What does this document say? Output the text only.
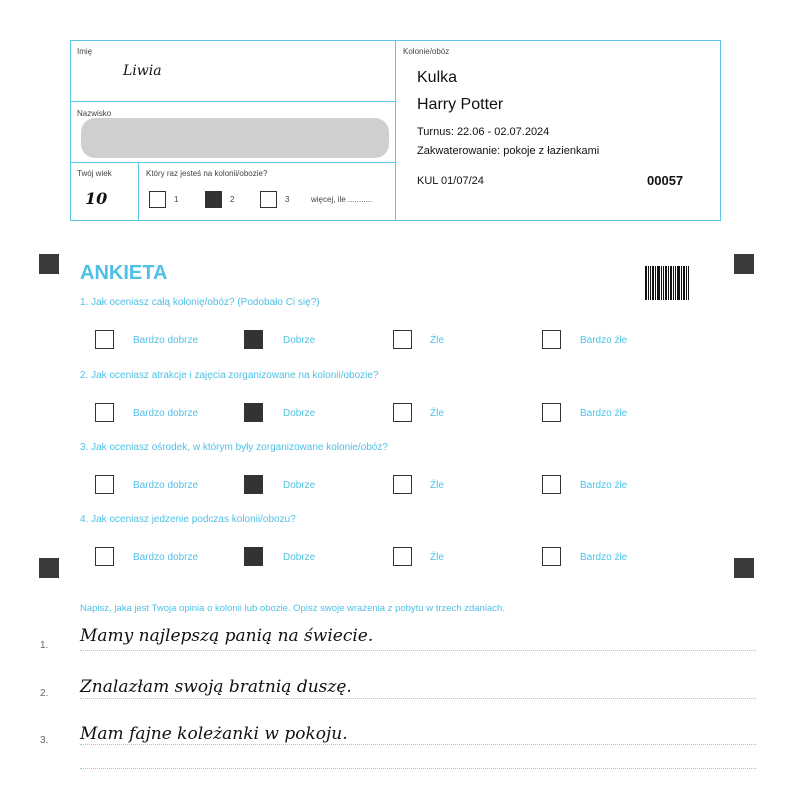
Imię
Liwia
Nazwisko
Twój wiek
10
Który raz jesteś na kolonii/obozie?
1	2	3	więcej, ile ...........
Kolonie/obóz
Kulka
Harry Potter
Turnus: 22.06 - 02.07.2024
Zakwaterowanie: pokoje z łazienkami
KUL 01/07/24	00057
ANKIETA
1. Jak oceniasz całą kolonię/obóz? (Podobało Ci się?)
Bardzo dobrze	Dobrze	Źle	Bardzo źle
2. Jak oceniasz atrakcje i zajęcia zorganizowane na kolonii/obozie?
Bardzo dobrze	Dobrze	Źle	Bardzo źle
3. Jak oceniasz ośrodek, w którym były zorganizowane kolonie/obóz?
Bardzo dobrze	Dobrze	Źle	Bardzo źle
4. Jak oceniasz jedzenie podczas kolonii/obozu?
Bardzo dobrze	Dobrze	Źle	Bardzo źle
Napisz, jaka jest Twoja opinia o kolonii lub obozie. Opisz swoje wrażenia z pobytu w trzech zdaniach.
1. Mamy najlepszą panią na świecie.
2. Znalazłam swoją bratnią duszę.
3. Mam fajne koleżanki w pokoju.
